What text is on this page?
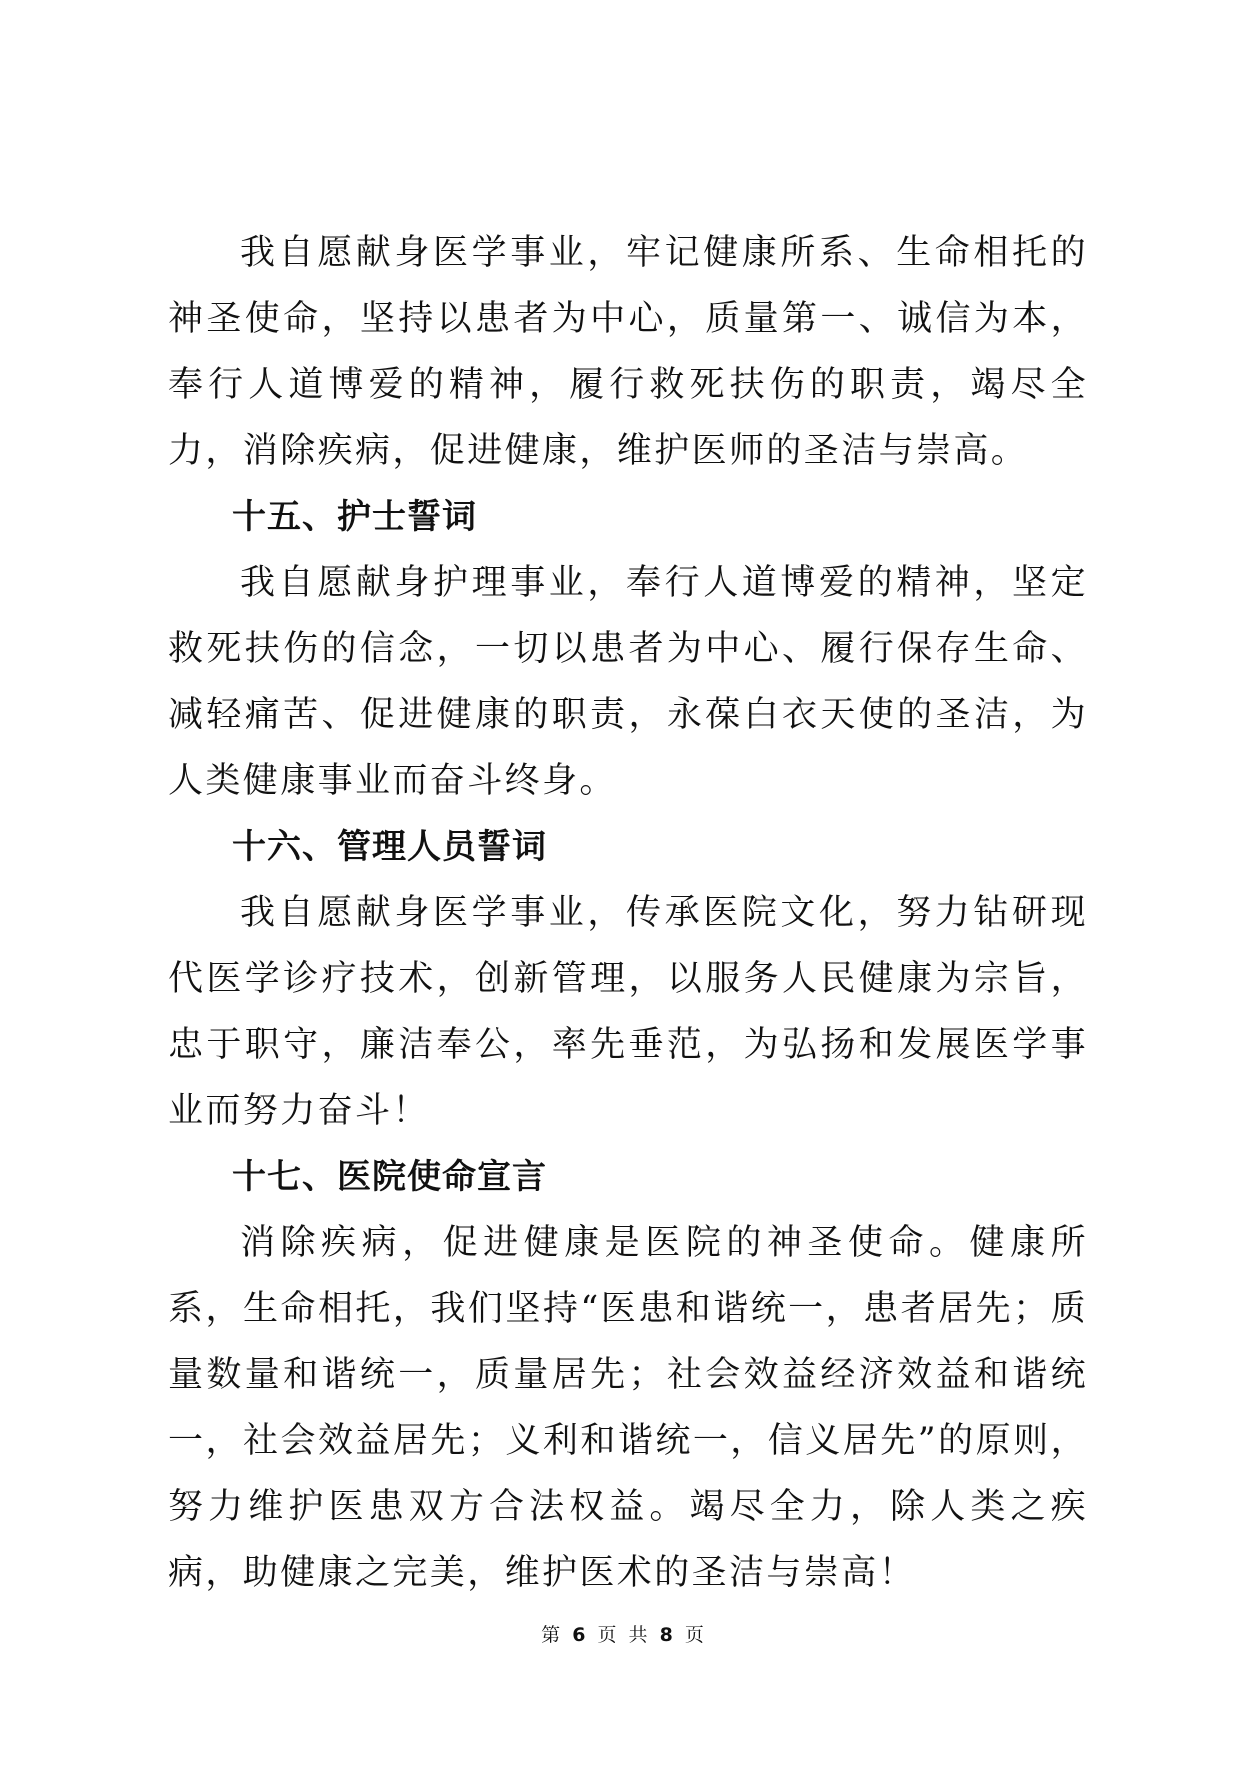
我自愿献身医学事业，牢记健康所系、生命相托的神圣使命，坚持以患者为中心，质量第一、诚信为本，奉行人道博爱的精神，履行救死扶伤的职责，竭尽全力，消除疾病，促进健康，维护医师的圣洁与崇高。

十五、护士誓词

我自愿献身护理事业，奉行人道博爱的精神，坚定救死扶伤的信念，一切以患者为中心、履行保存生命、减轻痛苦、促进健康的职责，永葆白衣天使的圣洁，为人类健康事业而奋斗终身。

十六、管理人员誓词

我自愿献身医学事业，传承医院文化，努力钻研现代医学诊疗技术，创新管理，以服务人民健康为宗旨，忠于职守，廉洁奉公，率先垂范，为弘扬和发展医学事业而努力奋斗！

十七、医院使命宣言

消除疾病，促进健康是医院的神圣使命。健康所系，生命相托，我们坚持“医患和谐统一，患者居先；质量数量和谐统一，质量居先；社会效益经济效益和谐统一，社会效益居先；义利和谐统一，信义居先”的原则，努力维护医患双方合法权益。竭尽全力，除人类之疾病，助健康之完美，维护医术的圣洁与崇高！

第 6 页 共 8 页
